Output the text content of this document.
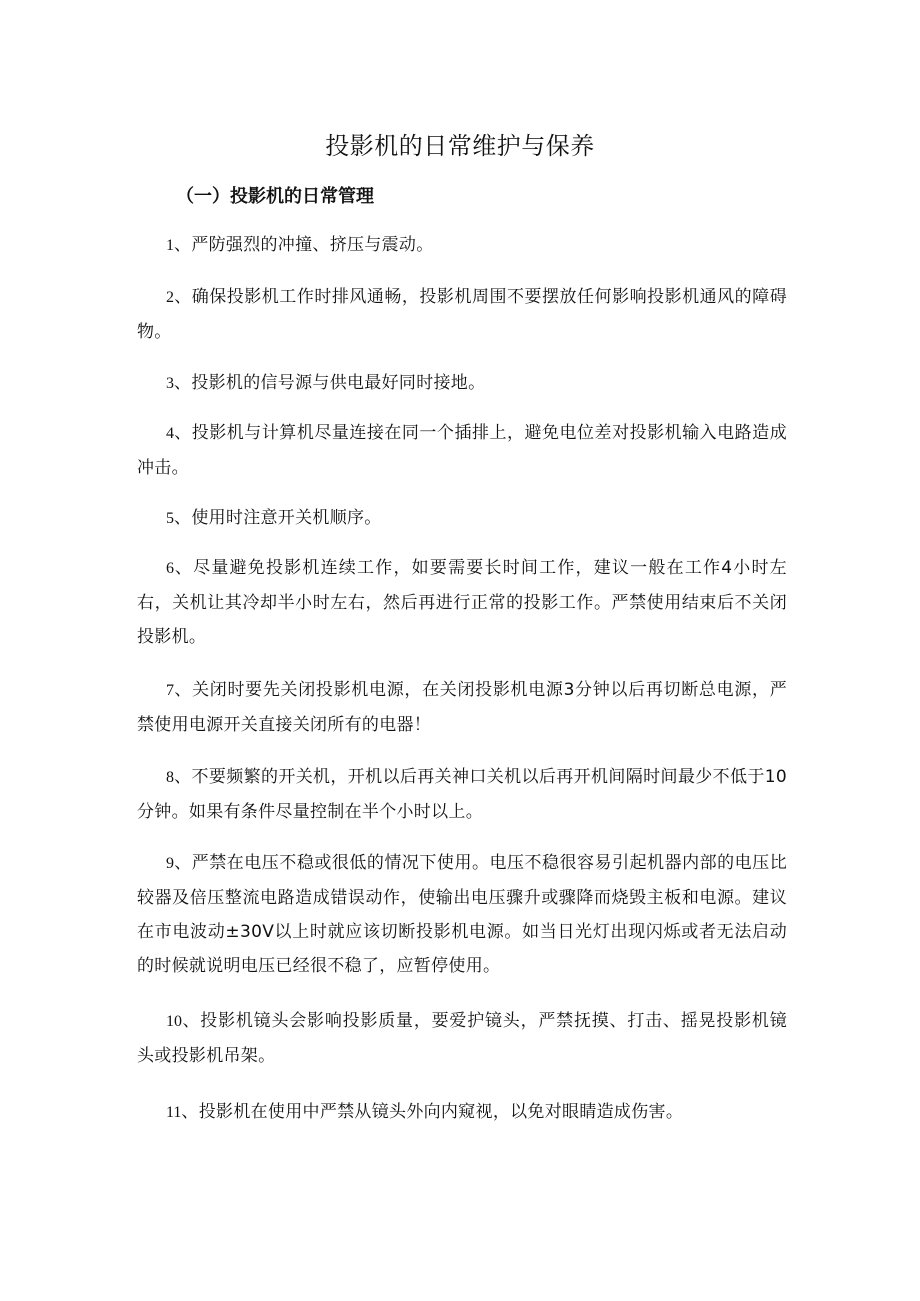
投影机的日常维护与保养
（一）投影机的日常管理

1、严防强烈的冲撞、挤压与震动。

2、确保投影机工作时排风通畅，投影机周围不要摆放任何影响投影机通风的障碍物。

3、投影机的信号源与供电最好同时接地。

4、投影机与计算机尽量连接在同一个插排上，避免电位差对投影机输入电路造成冲击。

5、使用时注意开关机顺序。

6、尽量避免投影机连续工作，如要需要长时间工作，建议一般在工作4小时左右，关机让其冷却半小时左右，然后再进行正常的投影工作。严禁使用结束后不关闭投影机。

7、关闭时要先关闭投影机电源，在关闭投影机电源3分钟以后再切断总电源，严禁使用电源开关直接关闭所有的电器！

8、不要频繁的开关机，开机以后再关神口关机以后再开机间隔时间最少不低于10分钟。如果有条件尽量控制在半个小时以上。

9、严禁在电压不稳或很低的情况下使用。电压不稳很容易引起机器内部的电压比较器及倍压整流电路造成错误动作，使输出电压骤升或骤降而烧毁主板和电源。建议在市电波动±30V以上时就应该切断投影机电源。如当日光灯出现闪烁或者无法启动的时候就说明电压已经很不稳了，应暂停使用。

10、投影机镜头会影响投影质量，要爱护镜头，严禁抚摸、打击、摇晃投影机镜头或投影机吊架。

11、投影机在使用中严禁从镜头外向内窥视，以免对眼睛造成伤害。
